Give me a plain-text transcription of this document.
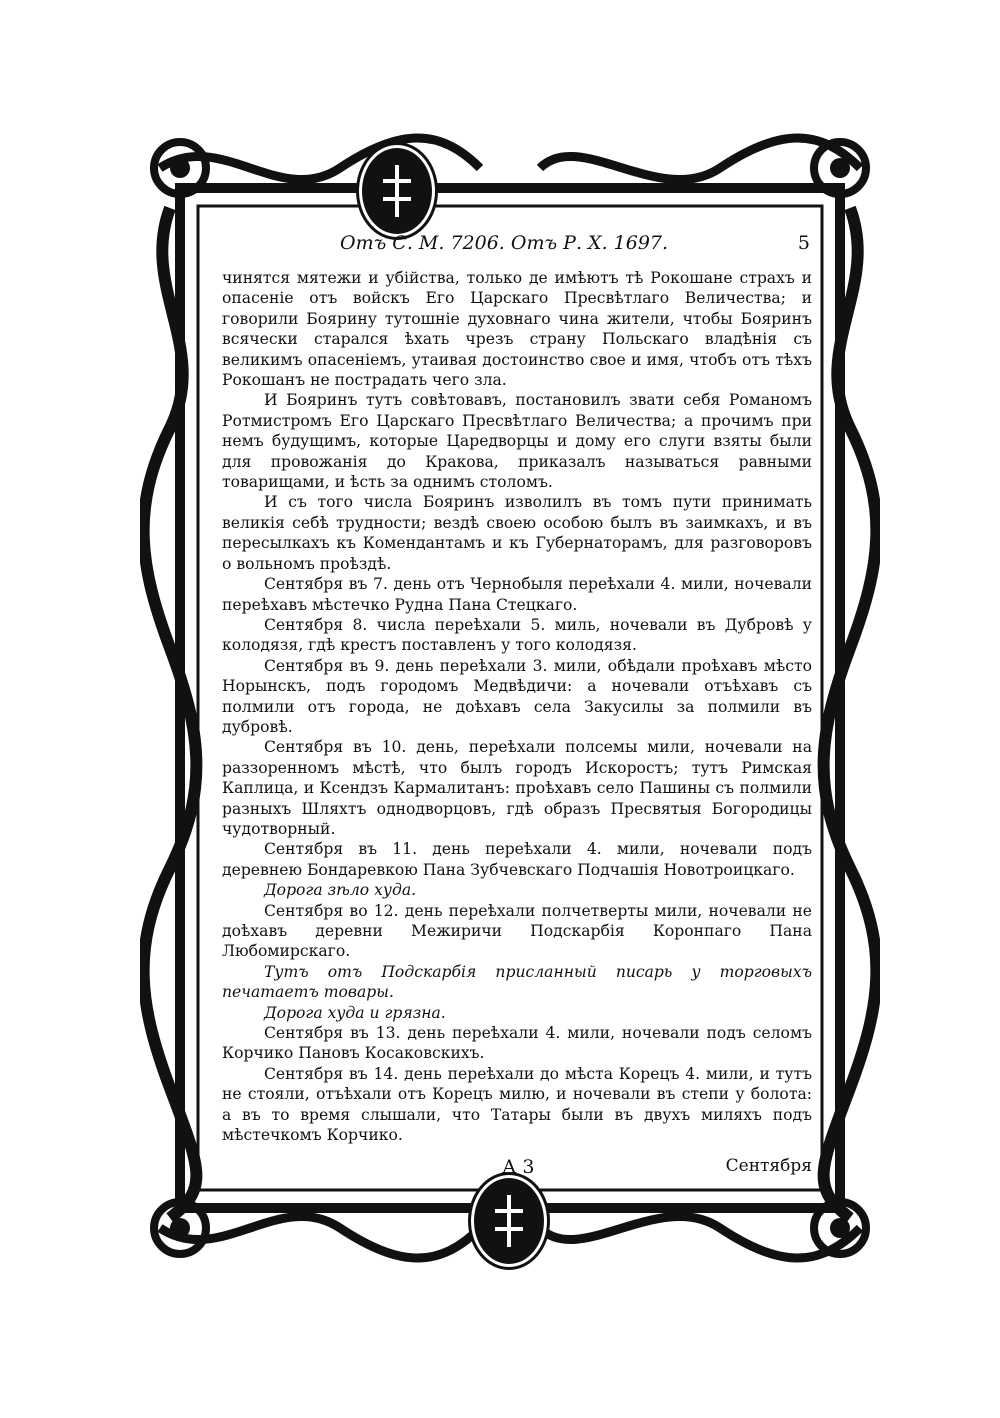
Отъ С. М. 7206. Отъ Р. Х. 1697.	5

чинятся мятежи и убійства, только де имѣютъ тѣ Рокошане страхъ и опасеніе отъ войскъ Его Царскаго Пресвѣтлаго Величества; и говорили Боярину тутошніе духовнаго чина жители, чтобы Бояринъ всячески старался ѣхать чрезъ страну Польскаго владѣнія съ великимъ опасеніемъ, утаивая достоинство свое и имя, чтобъ отъ тѣхъ Рокошанъ не пострадать чего зла.

И Бояринъ тутъ совѣтовавъ, постановилъ звати себя Романомъ Ротмистромъ Его Царскаго Пресвѣтлаго Величества; а прочимъ при немъ будущимъ, которые Царедворцы и дому его слуги взяты были для провожанія до Кракова, приказалъ называться равными товарищами, и ѣсть за однимъ столомъ.

И съ того числа Бояринъ изволилъ въ томъ пути принимать великія себѣ трудности; вездѣ своею особою былъ въ заимкахъ, и въ пересылкахъ къ Комендантамъ и къ Губернаторамъ, для разговоровъ о вольномъ проѣздѣ.

Сентября въ 7. день отъ Чернобыля переѣхали 4. мили, ночевали переѣхавъ мѣстечко Рудна Пана Стецкаго.

Сентября 8. числа переѣхали 5. миль, ночевали въ Дубровѣ у колодязя, гдѣ крестъ поставленъ у того колодязя.

Сентября въ 9. день переѣхали 3. мили, обѣдали проѣхавъ мѣсто Норынскъ, подъ городомъ Медвѣдичи: а ночевали отъѣхавъ съ полмили отъ города, не доѣхавъ села Закусилы за полмили въ дубровѣ.

Сентября въ 10. день, переѣхали полсемы мили, ночевали на раззоренномъ мѣстѣ, что былъ городъ Искоростъ; тутъ Римская Каплица, и Ксендзъ Кармалитанъ: проѣхавъ село Пашины съ полмили разныхъ Шляхтъ однодворцовъ, гдѣ образъ Пресвятыя Богородицы чудотворный.

Сентября въ 11. день переѣхали 4. мили, ночевали подъ деревнею Бондаревкою Пана Зубчевскаго Подчашія Новотроицкаго.

Дорога зѣло худа.

Сентября во 12. день переѣхали полчетверты мили, ночевали не доѣхавъ деревни Межиричи Подскарбія Коронпаго Пана Любомирскаго.

Тутъ отъ Подскарбія присланный писарь у торговыхъ печатаетъ товары.

Дорога худа и грязна.

Сентября въ 13. день переѣхали 4. мили, ночевали подъ селомъ Корчико Пановъ Косаковскихъ.

Сентября въ 14. день переѣхали до мѣста Корецъ 4. мили, и тутъ не стояли, отъѣхали отъ Корецъ милю, и ночевали въ степи у болота: а въ то время слышали, что Татары были въ двухъ миляхъ подъ мѣстечкомъ Корчико.

А 3	Сентября
